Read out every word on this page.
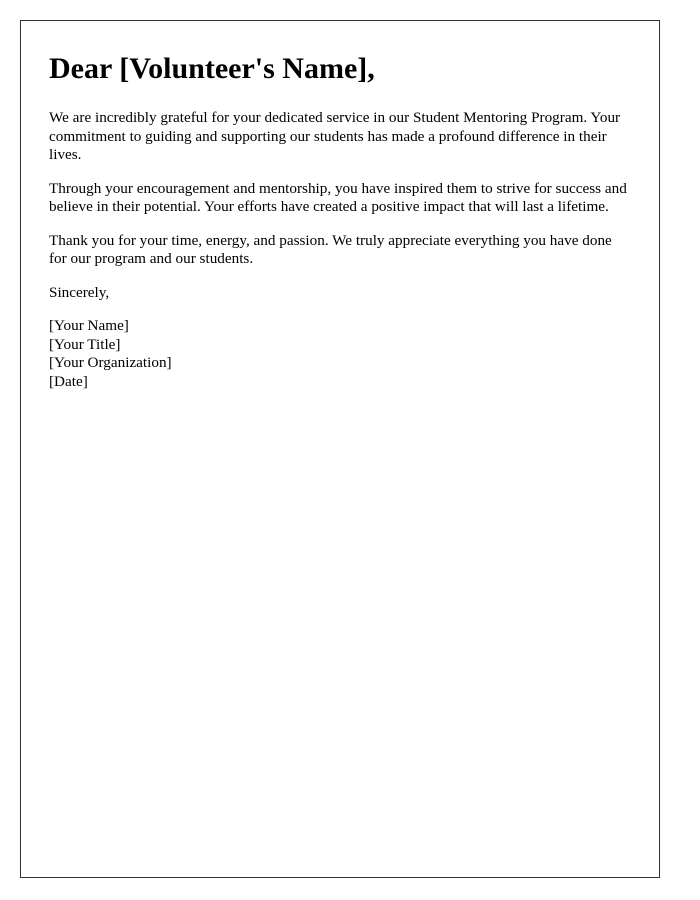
Dear [Volunteer's Name],

We are incredibly grateful for your dedicated service in our Student Mentoring Program. Your commitment to guiding and supporting our students has made a profound difference in their lives.

Through your encouragement and mentorship, you have inspired them to strive for success and believe in their potential. Your efforts have created a positive impact that will last a lifetime.

Thank you for your time, energy, and passion. We truly appreciate everything you have done for our program and our students.

Sincerely,

[Your Name]

[Your Title]

[Your Organization]

[Date]
